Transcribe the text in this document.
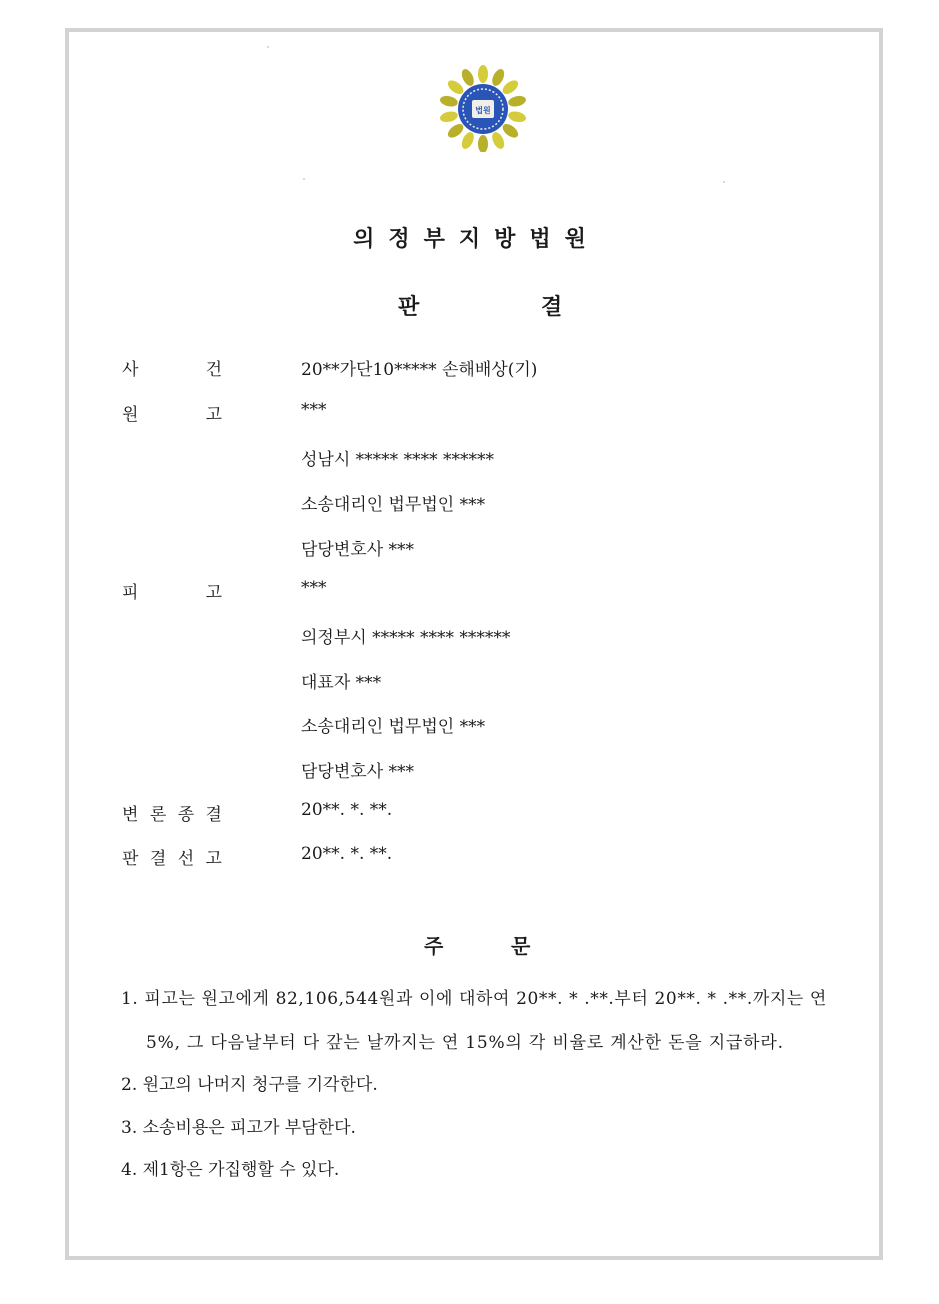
법원
의정부지방법원
판	결
사	건	20**가단10***** 손해배상(기)
원	고	***
성남시 ***** **** ******
소송대리인 법무법인 ***
담당변호사 ***
피	고	***
의정부시 ***** **** ******
대표자 ***
소송대리인 법무법인 ***
담당변호사 ***
변 론 종 결	20**. *. **.
판 결 선 고	20**. *. **.
주	문
1. 피고는 원고에게 82,106,544원과 이에 대하여 20**. * .**.부터 20**. * .**.까지는 연
5%, 그 다음날부터 다 갚는 날까지는 연 15%의 각 비율로 계산한 돈을 지급하라.
2. 원고의 나머지 청구를 기각한다.
3. 소송비용은 피고가 부담한다.
4. 제1항은 가집행할 수 있다.
